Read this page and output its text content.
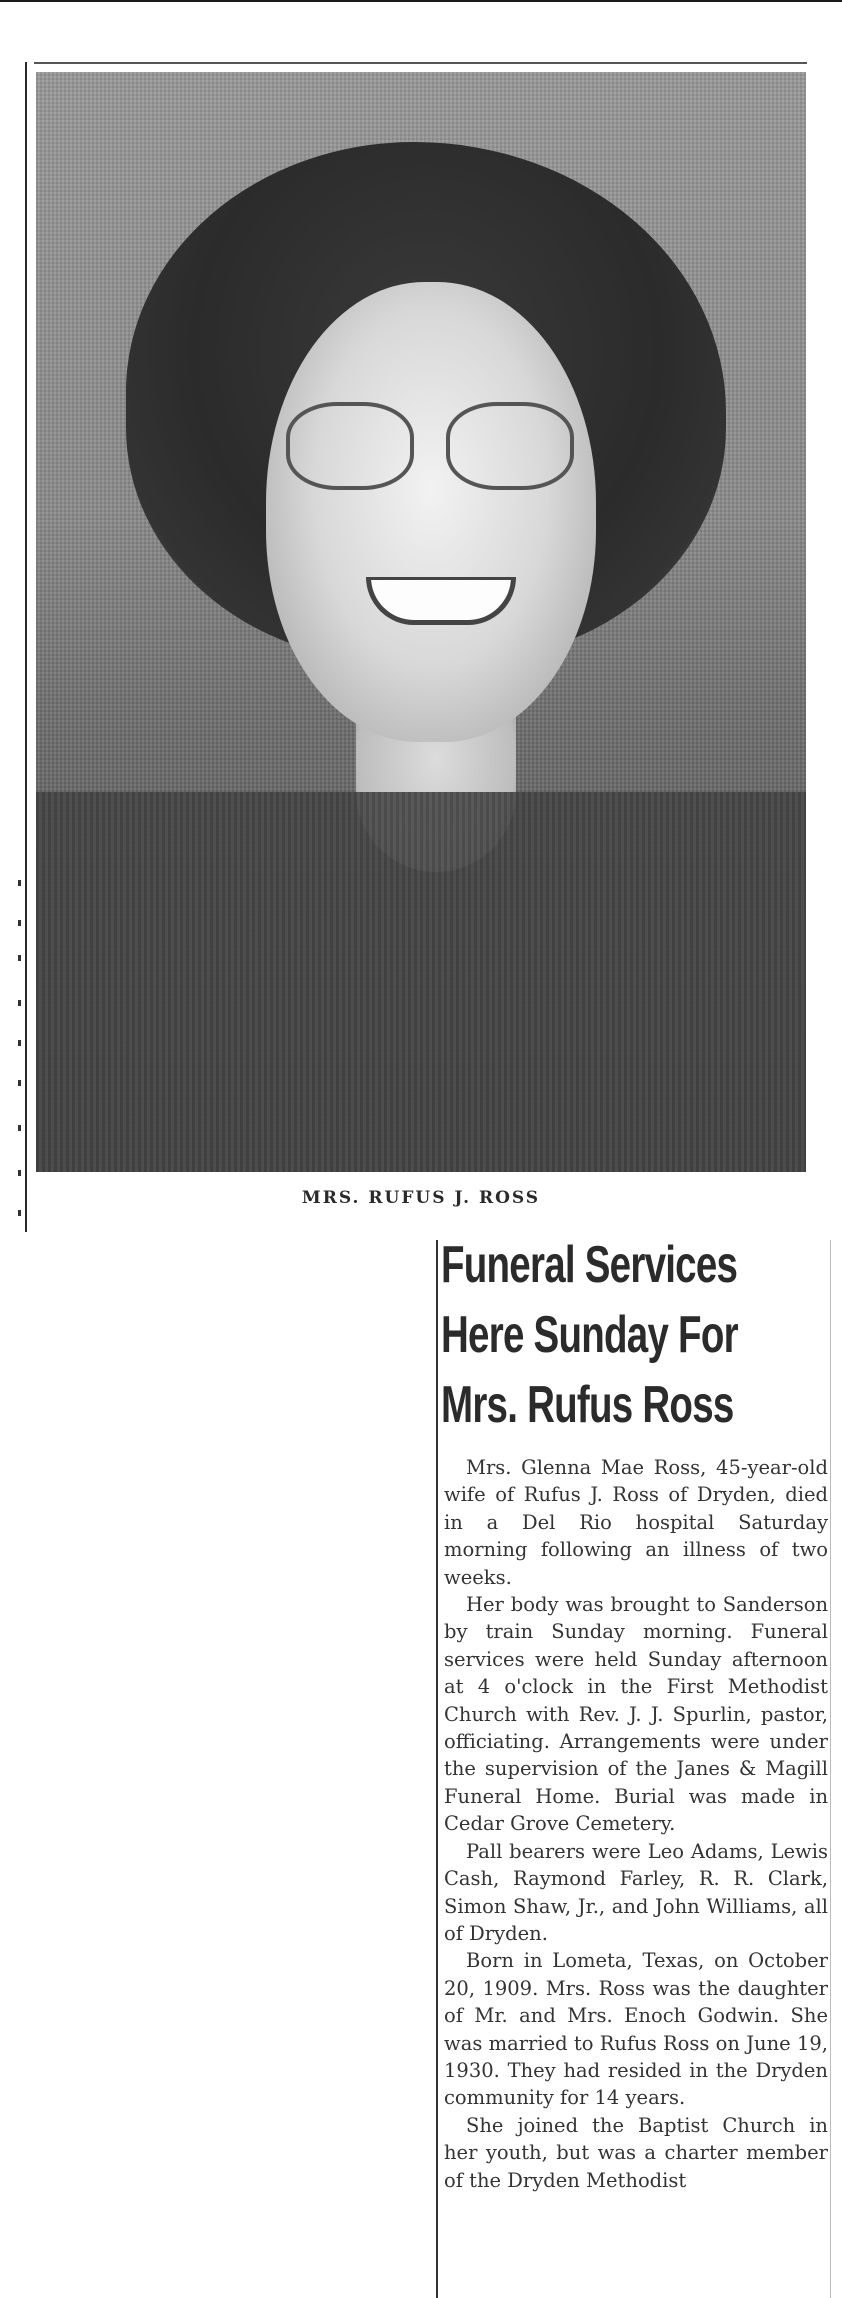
MRS. RUFUS J. ROSS
Funeral Services
Here Sunday For
Mrs. Rufus Ross

Mrs. Glenna Mae Ross, 45-year-old wife of Rufus J. Ross of Dryden, died in a Del Rio hospital Saturday morning following an illness of two weeks.

Her body was brought to Sanderson by train Sunday morning. Funeral services were held Sunday afternoon at 4 o'clock in the First Methodist Church with Rev. J. J. Spurlin, pastor, officiating. Arrangements were under the supervision of the Janes & Magill Funeral Home. Burial was made in Cedar Grove Cemetery.

Pall bearers were Leo Adams, Lewis Cash, Raymond Farley, R. R. Clark, Simon Shaw, Jr., and John Williams, all of Dryden.

Born in Lometa, Texas, on October 20, 1909. Mrs. Ross was the daughter of Mr. and Mrs. Enoch Godwin. She was married to Rufus Ross on June 19, 1930. They had resided in the Dryden community for 14 years.

She joined the Baptist Church in her youth, but was a charter member of the Dryden Methodist
